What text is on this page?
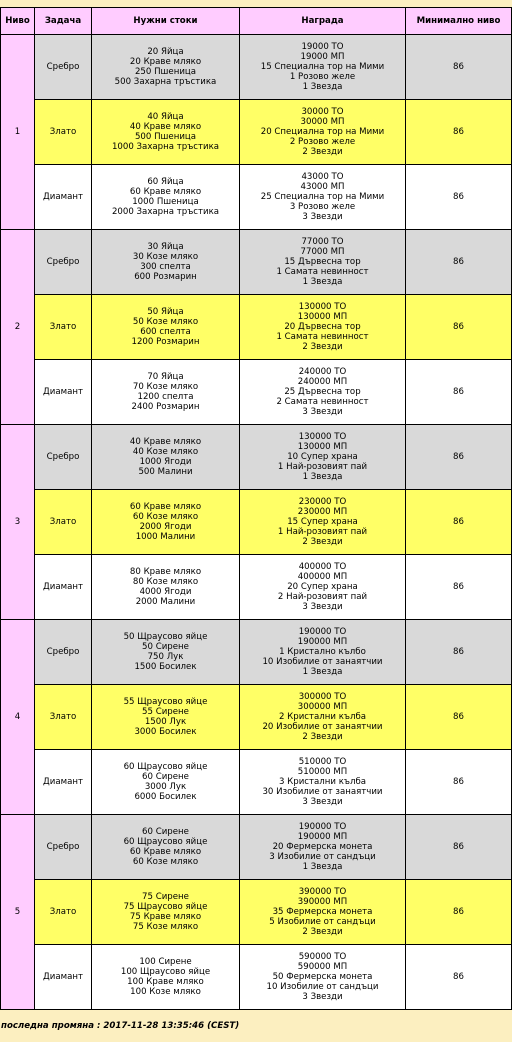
Ниво	Задача	Нужни стоки	Награда	Минимално ниво
1	Сребро	20 Яйца
20 Краве мляко
250 Пшеница
500 Захарна тръстика	19000 ТО
19000 МП
15 Специална тор на Мими
1 Розово желе
1 Звезда	86
	Злато	40 Яйца
40 Краве мляко
500 Пшеница
1000 Захарна тръстика	30000 ТО
30000 МП
20 Специална тор на Мими
2 Розово желе
2 Звезди	86
	Диамант	60 Яйца
60 Краве мляко
1000 Пшеница
2000 Захарна тръстика	43000 ТО
43000 МП
25 Специална тор на Мими
3 Розово желе
3 Звезди	86
2	Сребро	30 Яйца
30 Козе мляко
300 спелта
600 Розмарин	77000 ТО
77000 МП
15 Дървесна тор
1 Самата невинност
1 Звезда	86
	Злато	50 Яйца
50 Козе мляко
600 спелта
1200 Розмарин	130000 ТО
130000 МП
20 Дървесна тор
1 Самата невинност
2 Звезди	86
	Диамант	70 Яйца
70 Козе мляко
1200 спелта
2400 Розмарин	240000 ТО
240000 МП
25 Дървесна тор
2 Самата невинност
3 Звезди	86
3	Сребро	40 Краве мляко
40 Козе мляко
1000 Ягоди
500 Малини	130000 ТО
130000 МП
10 Супер храна
1 Най-розовият пай
1 Звезда	86
	Злато	60 Краве мляко
60 Козе мляко
2000 Ягоди
1000 Малини	230000 ТО
230000 МП
15 Супер храна
1 Най-розовият пай
2 Звезди	86
	Диамант	80 Краве мляко
80 Козе мляко
4000 Ягоди
2000 Малини	400000 ТО
400000 МП
20 Супер храна
2 Най-розовият пай
3 Звезди	86
4	Сребро	50 Щраусово яйце
50 Сирене
750 Лук
1500 Босилек	190000 ТО
190000 МП
1 Кристално кълбо
10 Изобилие от занаятчии
1 Звезда	86
	Злато	55 Щраусово яйце
55 Сирене
1500 Лук
3000 Босилек	300000 ТО
300000 МП
2 Кристални кълба
20 Изобилие от занаятчии
2 Звезди	86
	Диамант	60 Щраусово яйце
60 Сирене
3000 Лук
6000 Босилек	510000 ТО
510000 МП
3 Кристални кълба
30 Изобилие от занаятчии
3 Звезди	86
5	Сребро	60 Сирене
60 Щраусово яйце
60 Краве мляко
60 Козе мляко	190000 ТО
190000 МП
20 Фермерска монета
3 Изобилие от сандъци
1 Звезда	86
	Злато	75 Сирене
75 Щраусово яйце
75 Краве мляко
75 Козе мляко	390000 ТО
390000 МП
35 Фермерска монета
5 Изобилие от сандъци
2 Звезди	86
	Диамант	100 Сирене
100 Щраусово яйце
100 Краве мляко
100 Козе мляко	590000 ТО
590000 МП
50 Фермерска монета
10 Изобилие от сандъци
3 Звезди	86
последна промяна : 2017-11-28 13:35:46 (CEST)
